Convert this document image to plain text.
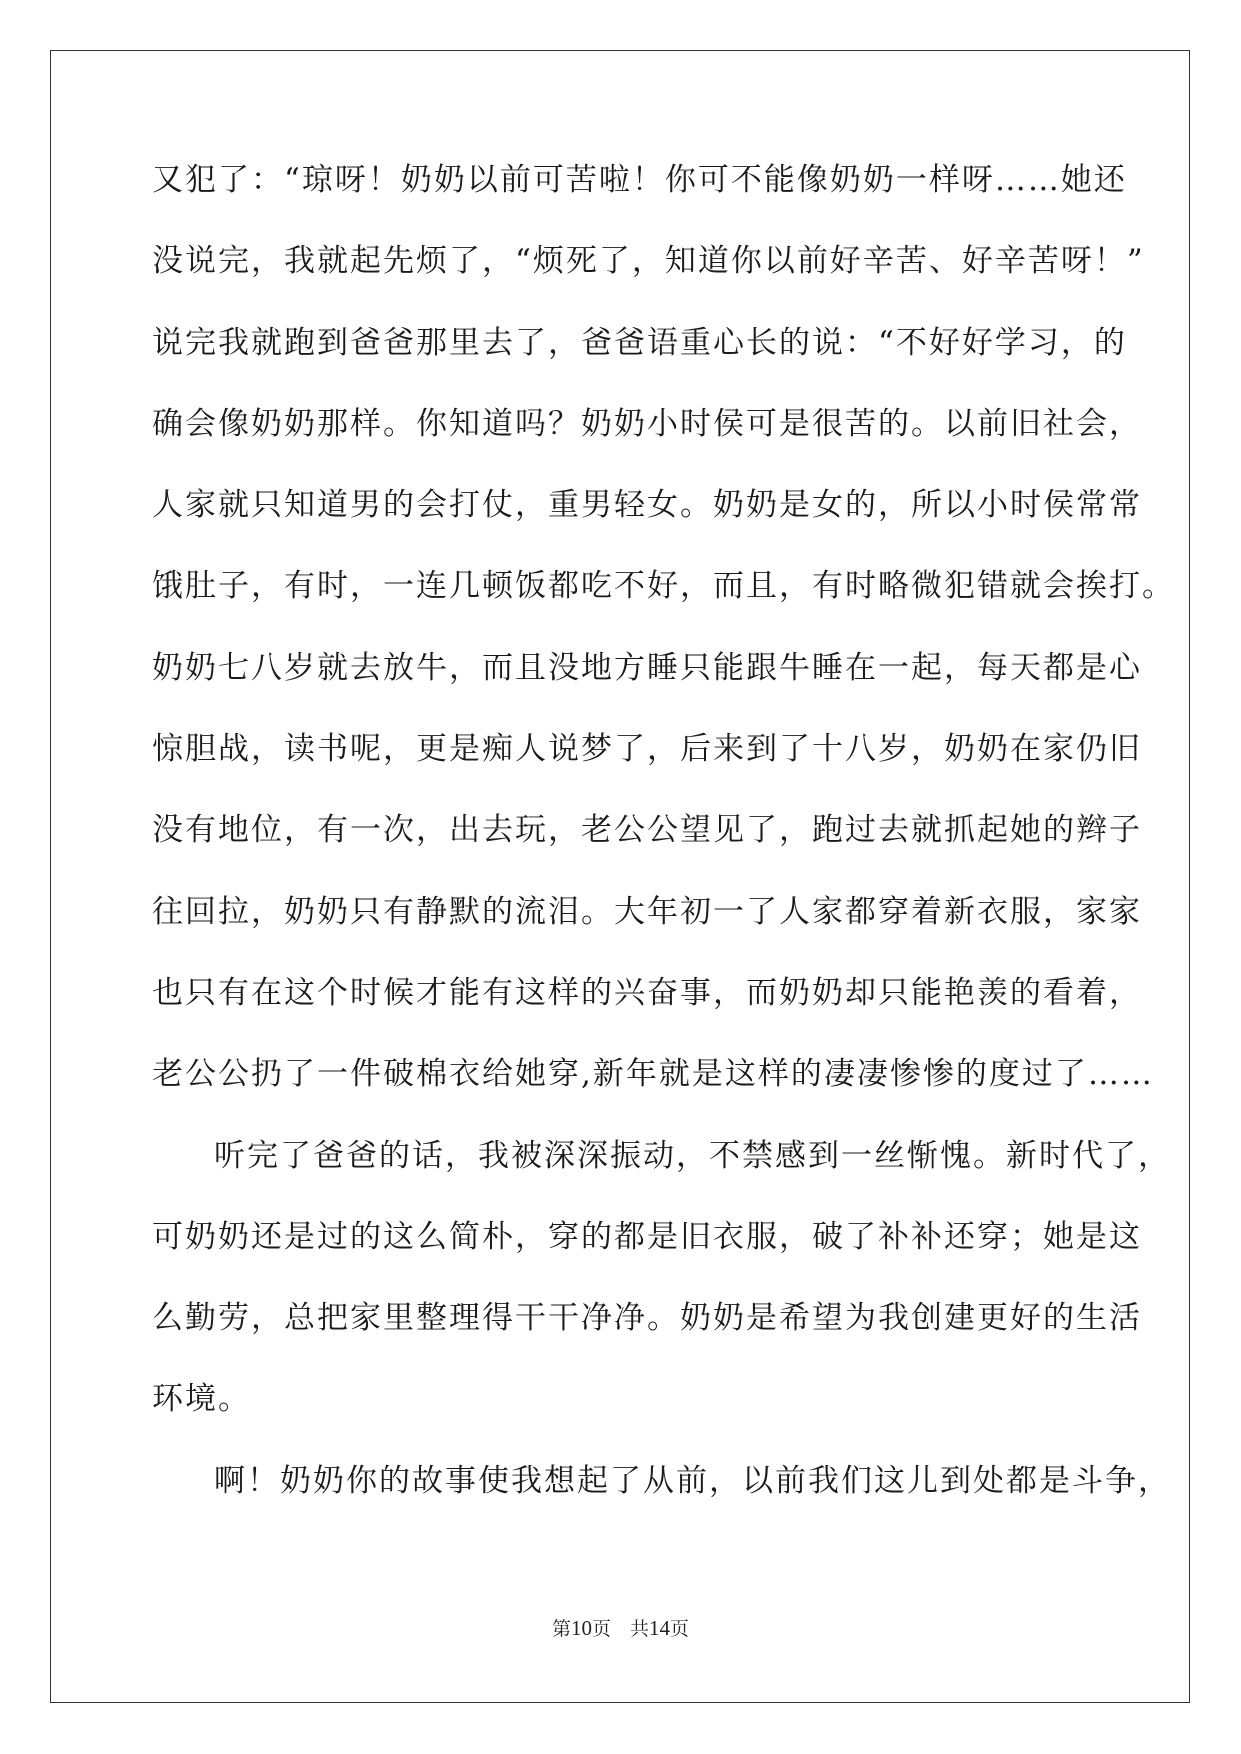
又犯了：“琼呀！奶奶以前可苦啦！你可不能像奶奶一样呀……她还
没说完，我就起先烦了，“烦死了，知道你以前好辛苦、好辛苦呀！”
说完我就跑到爸爸那里去了，爸爸语重心长的说：“不好好学习，的
确会像奶奶那样。你知道吗？奶奶小时侯可是很苦的。以前旧社会，
人家就只知道男的会打仗，重男轻女。奶奶是女的，所以小时侯常常
饿肚子，有时，一连几顿饭都吃不好，而且，有时略微犯错就会挨打。
奶奶七八岁就去放牛，而且没地方睡只能跟牛睡在一起，每天都是心
惊胆战，读书呢，更是痴人说梦了，后来到了十八岁，奶奶在家仍旧
没有地位，有一次，出去玩，老公公望见了，跑过去就抓起她的辫子
往回拉，奶奶只有静默的流泪。大年初一了人家都穿着新衣服，家家
也只有在这个时候才能有这样的兴奋事，而奶奶却只能艳羡的看着，
老公公扔了一件破棉衣给她穿,新年就是这样的凄凄惨惨的度过了……
听完了爸爸的话，我被深深振动，不禁感到一丝惭愧。新时代了，
可奶奶还是过的这么简朴，穿的都是旧衣服，破了补补还穿；她是这
么勤劳，总把家里整理得干干净净。奶奶是希望为我创建更好的生活
环境。
啊！奶奶你的故事使我想起了从前，以前我们这儿到处都是斗争，
第10页　共14页
